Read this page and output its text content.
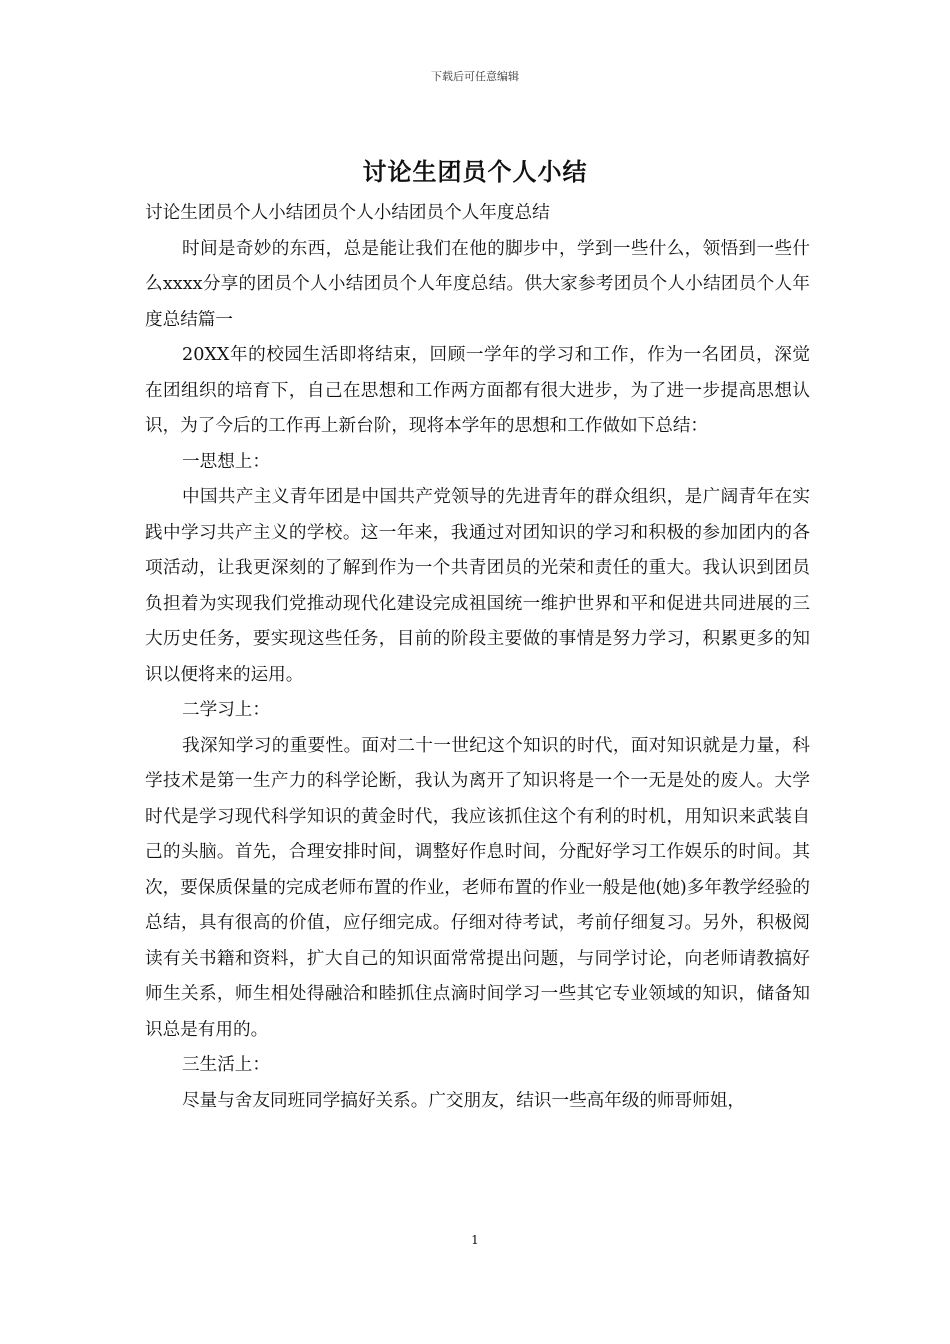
下载后可任意编辑
讨论生团员个人小结

讨论生团员个人小结团员个人小结团员个人年度总结

时间是奇妙的东西，总是能让我们在他的脚步中，学到一些什么，领悟到一些什么xxxx分享的团员个人小结团员个人年度总结。供大家参考团员个人小结团员个人年度总结篇一

20XX年的校园生活即将结束，回顾一学年的学习和工作，作为一名团员，深觉在团组织的培育下，自己在思想和工作两方面都有很大进步，为了进一步提高思想认识，为了今后的工作再上新台阶，现将本学年的思想和工作做如下总结：

一思想上：

中国共产主义青年团是中国共产党领导的先进青年的群众组织，是广阔青年在实践中学习共产主义的学校。这一年来，我通过对团知识的学习和积极的参加团内的各项活动，让我更深刻的了解到作为一个共青团员的光荣和责任的重大。我认识到团员负担着为实现我们党推动现代化建设完成祖国统一维护世界和平和促进共同进展的三大历史任务，要实现这些任务，目前的阶段主要做的事情是努力学习，积累更多的知识以便将来的运用。

二学习上：

我深知学习的重要性。面对二十一世纪这个知识的时代，面对知识就是力量，科学技术是第一生产力的科学论断，我认为离开了知识将是一个一无是处的废人。大学时代是学习现代科学知识的黄金时代，我应该抓住这个有利的时机，用知识来武装自己的头脑。首先，合理安排时间，调整好作息时间，分配好学习工作娱乐的时间。其次，要保质保量的完成老师布置的作业，老师布置的作业一般是他(她)多年教学经验的总结，具有很高的价值，应仔细完成。仔细对待考试，考前仔细复习。另外，积极阅读有关书籍和资料，扩大自己的知识面常常提出问题，与同学讨论，向老师请教搞好师生关系，师生相处得融洽和睦抓住点滴时间学习一些其它专业领域的知识，储备知识总是有用的。

三生活上：

尽量与舍友同班同学搞好关系。广交朋友，结识一些高年级的师哥师姐，

1
